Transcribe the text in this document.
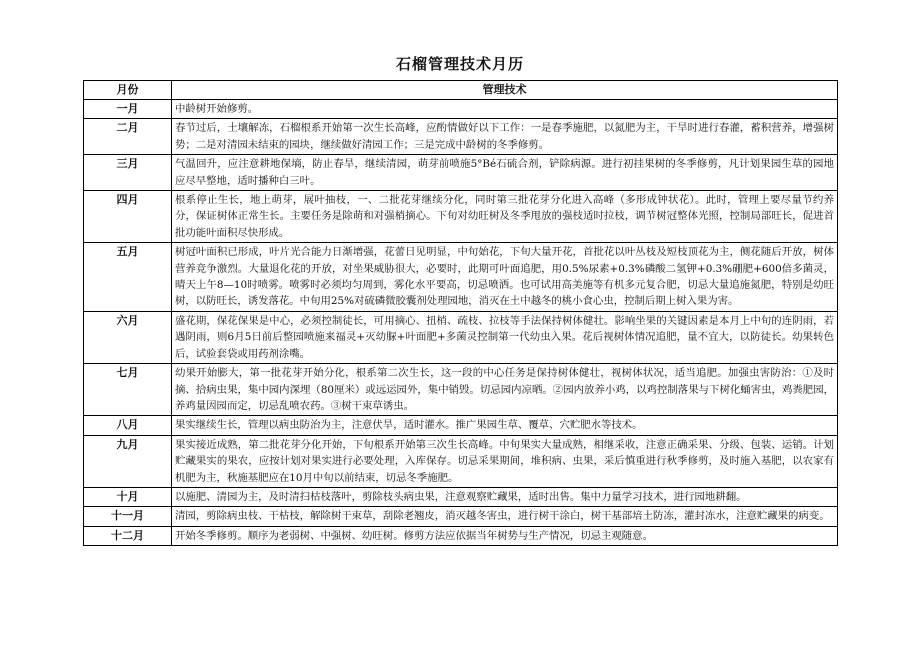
石榴管理技术月历
月份	管理技术
一月	中龄树开始修剪。
二月	春节过后，土壤解冻，石榴根系开始第一次生长高峰，应酌情做好以下工作：一是春季施肥，以氮肥为主，干旱时进行春灌，蓄积营养，增强树势；二是对清园未结束的园块，继续做好清园工作；三是完成中龄树的冬季修剪。
三月	气温回升，应注意耕地保墒，防止春旱，继续清园，萌芽前喷施5°Bé石硫合剂，铲除病源。进行初挂果树的冬季修剪，凡计划果园生草的园地应尽早整地，适时播种白三叶。
四月	根系停止生长，地上萌芽，展叶抽枝，一、二批花芽继续分化，同时第三批花芽分化进入高峰（多形成钟状花）。此时，管理上要尽量节约养分，保证树体正常生长。主要任务是除萌和对强梢摘心。下旬对幼旺树及冬季甩放的强枝适时拉枝，调节树冠整体光照，控制局部旺长，促进首批功能叶面积尽快形成。
五月	树冠叶面积已形成，叶片光合能力日渐增强，花蕾日见明显，中旬始花，下旬大量开花，首批花以叶丛枝及短枝顶花为主，侧花随后开放，树体营养竞争激烈。大量退化花的开放，对坐果威胁很大，必要时，此期可叶面追肥，用0.5%尿素+0.3%磷酸二氢钾+0.3%硼肥+600倍多菌灵，晴天上午8—10时喷雾。喷雾时必须均匀周到，雾化水平要高，切忌喷洒。也可试用高美施等有机多元复合肥，切忌大量追施氮肥，特别是幼旺树，以防旺长，诱发落花。中旬用25%对硫磷微胶囊剂处理园地，消灭在土中越冬的桃小食心虫，控制后期上树入果为害。
六月	盛花期，保花保果是中心，必须控制徒长，可用摘心、扭梢、疏枝、拉枝等手法保持树体健壮。影响坐果的关键因素是本月上中旬的连阴雨，若遇阴雨，则6月5日前后整园喷施来福灵+灭幼脲+叶面肥+多菌灵控制第一代幼虫入果。花后视树体情况追肥，量不宜大，以防徒长。幼果转色后，试验套袋或用药剂涂嘴。
七月	幼果开始膨大，第一批花芽开始分化，根系第二次生长，这一段的中心任务是保持树体健壮，视树体状况，适当追肥。加强虫害防治：①及时摘、拾病虫果，集中园内深埋（80厘米）或远运园外，集中销毁。切忌园内凉晒。②园内放养小鸡，以鸡控制落果与下树化蛹害虫，鸡粪肥园，养鸡量因园而定，切忌乱喷农药。③树干束草诱虫。
八月	果实继续生长，管理以病虫防治为主，注意伏旱，适时灌水。推广果园生草、覆草、穴贮肥水等技术。
九月	果实接近成熟，第二批花芽分化开始，下旬根系开始第三次生长高峰。中旬果实大量成熟，相继采收，注意正确采果、分级、包装、运销。计划贮藏果实的果农，应按计划对果实进行必要处理，入库保存。切忌采果期间，堆积病、虫果，采后慎重进行秋季修剪，及时施入基肥，以农家有机肥为主，秋施基肥应在10月中旬以前结束，切忌冬季施肥。
十月	以施肥、清园为主，及时清扫枯枝落叶，剪除枝头病虫果，注意观察贮藏果，适时出售。集中力量学习技术，进行园地耕翻。
十一月	清园，剪除病虫枝、干枯枝，解除树干束草，刮除老翘皮，消灭越冬害虫，进行树干涂白，树干基部培土防冻，灌封冻水，注意贮藏果的病变。
十二月	开始冬季修剪。顺序为老弱树、中强树、幼旺树。修剪方法应依据当年树势与生产情况，切忌主观随意。
